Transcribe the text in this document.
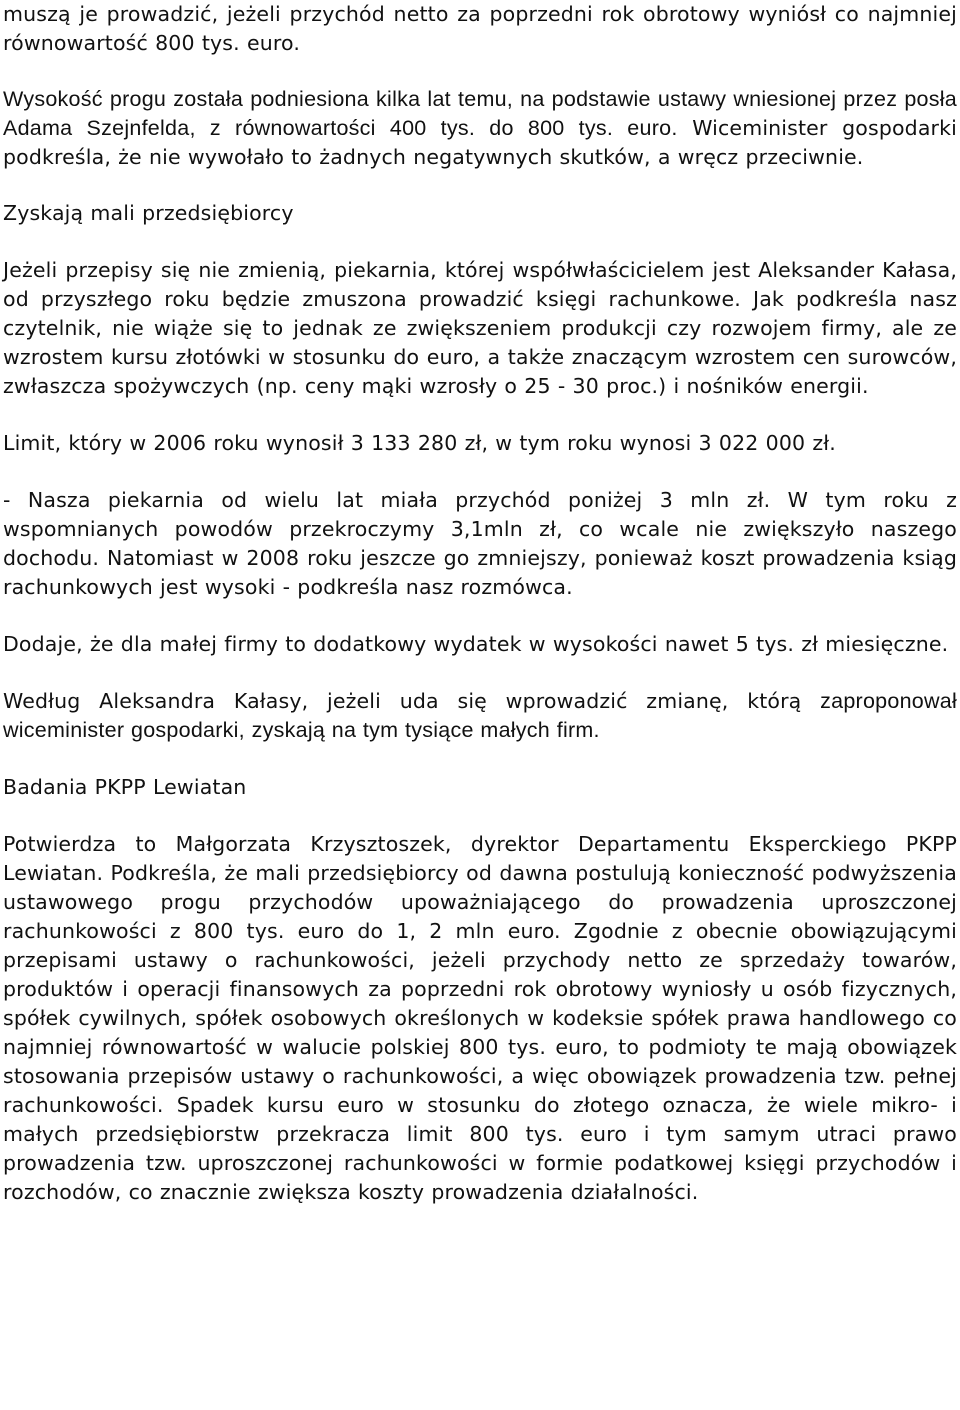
muszą je prowadzić, jeżeli przychód netto za poprzedni rok obrotowy wyniósł co najmniej równowartość 800 tys. euro.

Wysokość progu została podniesiona kilka lat temu, na podstawie ustawy wniesionej przez posła Adama Szejnfelda, z równowartości 400 tys. do 800 tys. euro. Wiceminister gospodarki podkreśla, że nie wywołało to żadnych negatywnych skutków, a wręcz przeciwnie.

Zyskają mali przedsiębiorcy

Jeżeli przepisy się nie zmienią, piekarnia, której współwłaścicielem jest Aleksander Kałasa, od przyszłego roku będzie zmuszona prowadzić księgi rachunkowe. Jak podkreśla nasz czytelnik, nie wiąże się to jednak ze zwiększeniem produkcji czy rozwojem firmy, ale ze wzrostem kursu złotówki w stosunku do euro, a także znaczącym wzrostem cen surowców, zwłaszcza spożywczych (np. ceny mąki wzrosły o 25 - 30 proc.) i nośników energii.

Limit, który w 2006 roku wynosił 3 133 280 zł, w tym roku wynosi 3 022 000 zł.

- Nasza piekarnia od wielu lat miała przychód poniżej 3 mln zł. W tym roku z wspomnianych powodów przekroczymy 3,1mln zł, co wcale nie zwiększyło naszego dochodu. Natomiast w 2008 roku jeszcze go zmniejszy, ponieważ koszt prowadzenia ksiąg rachunkowych jest wysoki - podkreśla nasz rozmówca.

Dodaje, że dla małej firmy to dodatkowy wydatek w wysokości nawet 5 tys. zł miesięczne.

Według Aleksandra Kałasy, jeżeli uda się wprowadzić zmianę, którą zaproponował wiceminister gospodarki, zyskają na tym tysiące małych firm.

Badania PKPP Lewiatan

Potwierdza to Małgorzata Krzysztoszek, dyrektor Departamentu Eksperckiego PKPP Lewiatan. Podkreśla, że mali przedsiębiorcy od dawna postulują konieczność podwyższenia ustawowego progu przychodów upoważniającego do prowadzenia uproszczonej rachunkowości z 800 tys. euro do 1, 2 mln euro. Zgodnie z obecnie obowiązującymi przepisami ustawy o rachunkowości, jeżeli przychody netto ze sprzedaży towarów, produktów i operacji finansowych za poprzedni rok obrotowy wyniosły u osób fizycznych, spółek cywilnych, spółek osobowych określonych w kodeksie spółek prawa handlowego co najmniej równowartość w walucie polskiej 800 tys. euro, to podmioty te mają obowiązek stosowania przepisów ustawy o rachunkowości, a więc obowiązek prowadzenia tzw. pełnej rachunkowości. Spadek kursu euro w stosunku do złotego oznacza, że wiele mikro- i małych przedsiębiorstw przekracza limit 800 tys. euro i tym samym utraci prawo prowadzenia tzw. uproszczonej rachunkowości w formie podatkowej księgi przychodów i rozchodów, co znacznie zwiększa koszty prowadzenia działalności.
